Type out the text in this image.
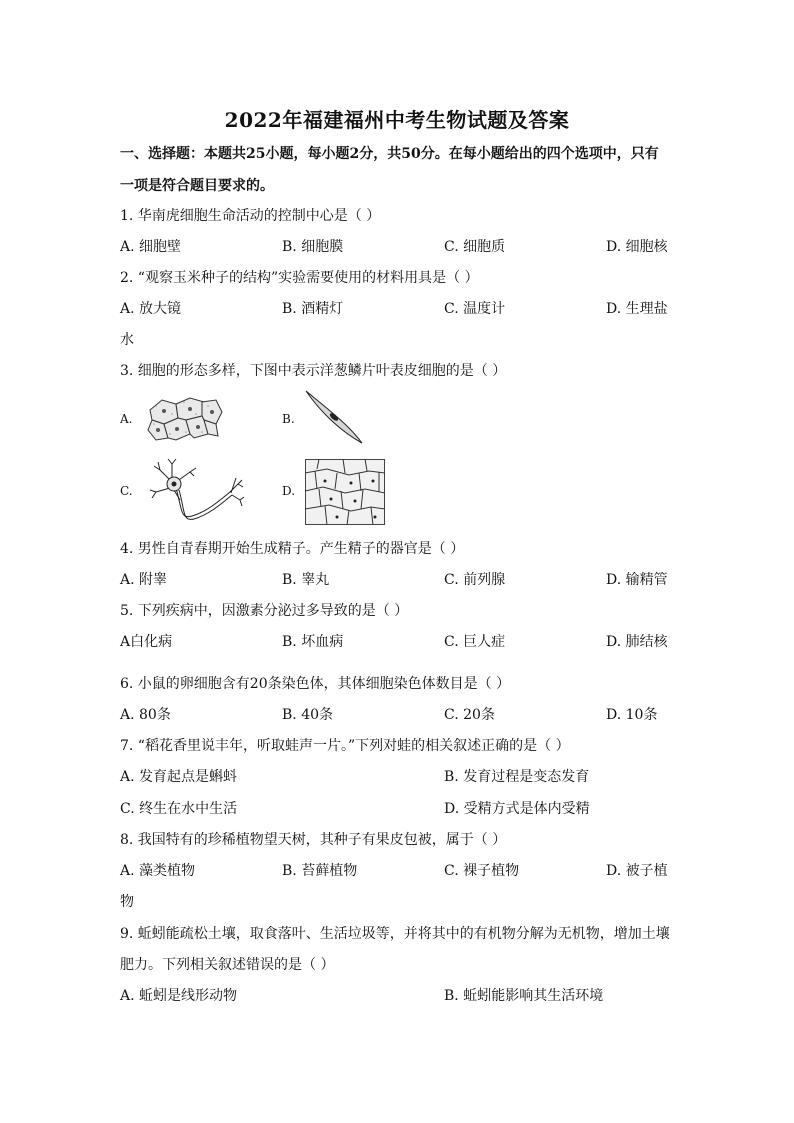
2022年福建福州中考生物试题及答案
一、选择题：本题共25小题，每小题2分，共50分。在每小题给出的四个选项中，只有
一项是符合题目要求的。
1. 华南虎细胞生命活动的控制中心是（ ）
A. 细胞壁	B. 细胞膜	C. 细胞质	D. 细胞核
2. “观察玉米种子的结构”实验需要使用的材料用具是（ ）
A. 放大镜	B. 酒精灯	C. 温度计	D. 生理盐
水
3. 细胞的形态多样，下图中表示洋葱鳞片叶表皮细胞的是（ ）
A.	B.
C.	D.
4. 男性自青春期开始生成精子。产生精子的器官是（ ）
A. 附睾	B. 睾丸	C. 前列腺	D. 输精管
5. 下列疾病中，因激素分泌过多导致的是（ ）
A白化病	B. 坏血病	C. 巨人症	D. 肺结核
6. 小鼠的卵细胞含有20条染色体，其体细胞染色体数目是（ ）
A. 80条	B. 40条	C. 20条	D. 10条
7. “稻花香里说丰年，听取蛙声一片。”下列对蛙的相关叙述正确的是（ ）
A. 发育起点是蝌蚪	B. 发育过程是变态发育
C. 终生在水中生活	D. 受精方式是体内受精
8. 我国特有的珍稀植物望天树，其种子有果皮包被，属于（ ）
A. 藻类植物	B. 苔藓植物	C. 裸子植物	D. 被子植
物
9. 蚯蚓能疏松土壤，取食落叶、生活垃圾等，并将其中的有机物分解为无机物，增加土壤
肥力。下列相关叙述错误的是（ ）
A. 蚯蚓是线形动物	B. 蚯蚓能影响其生活环境
